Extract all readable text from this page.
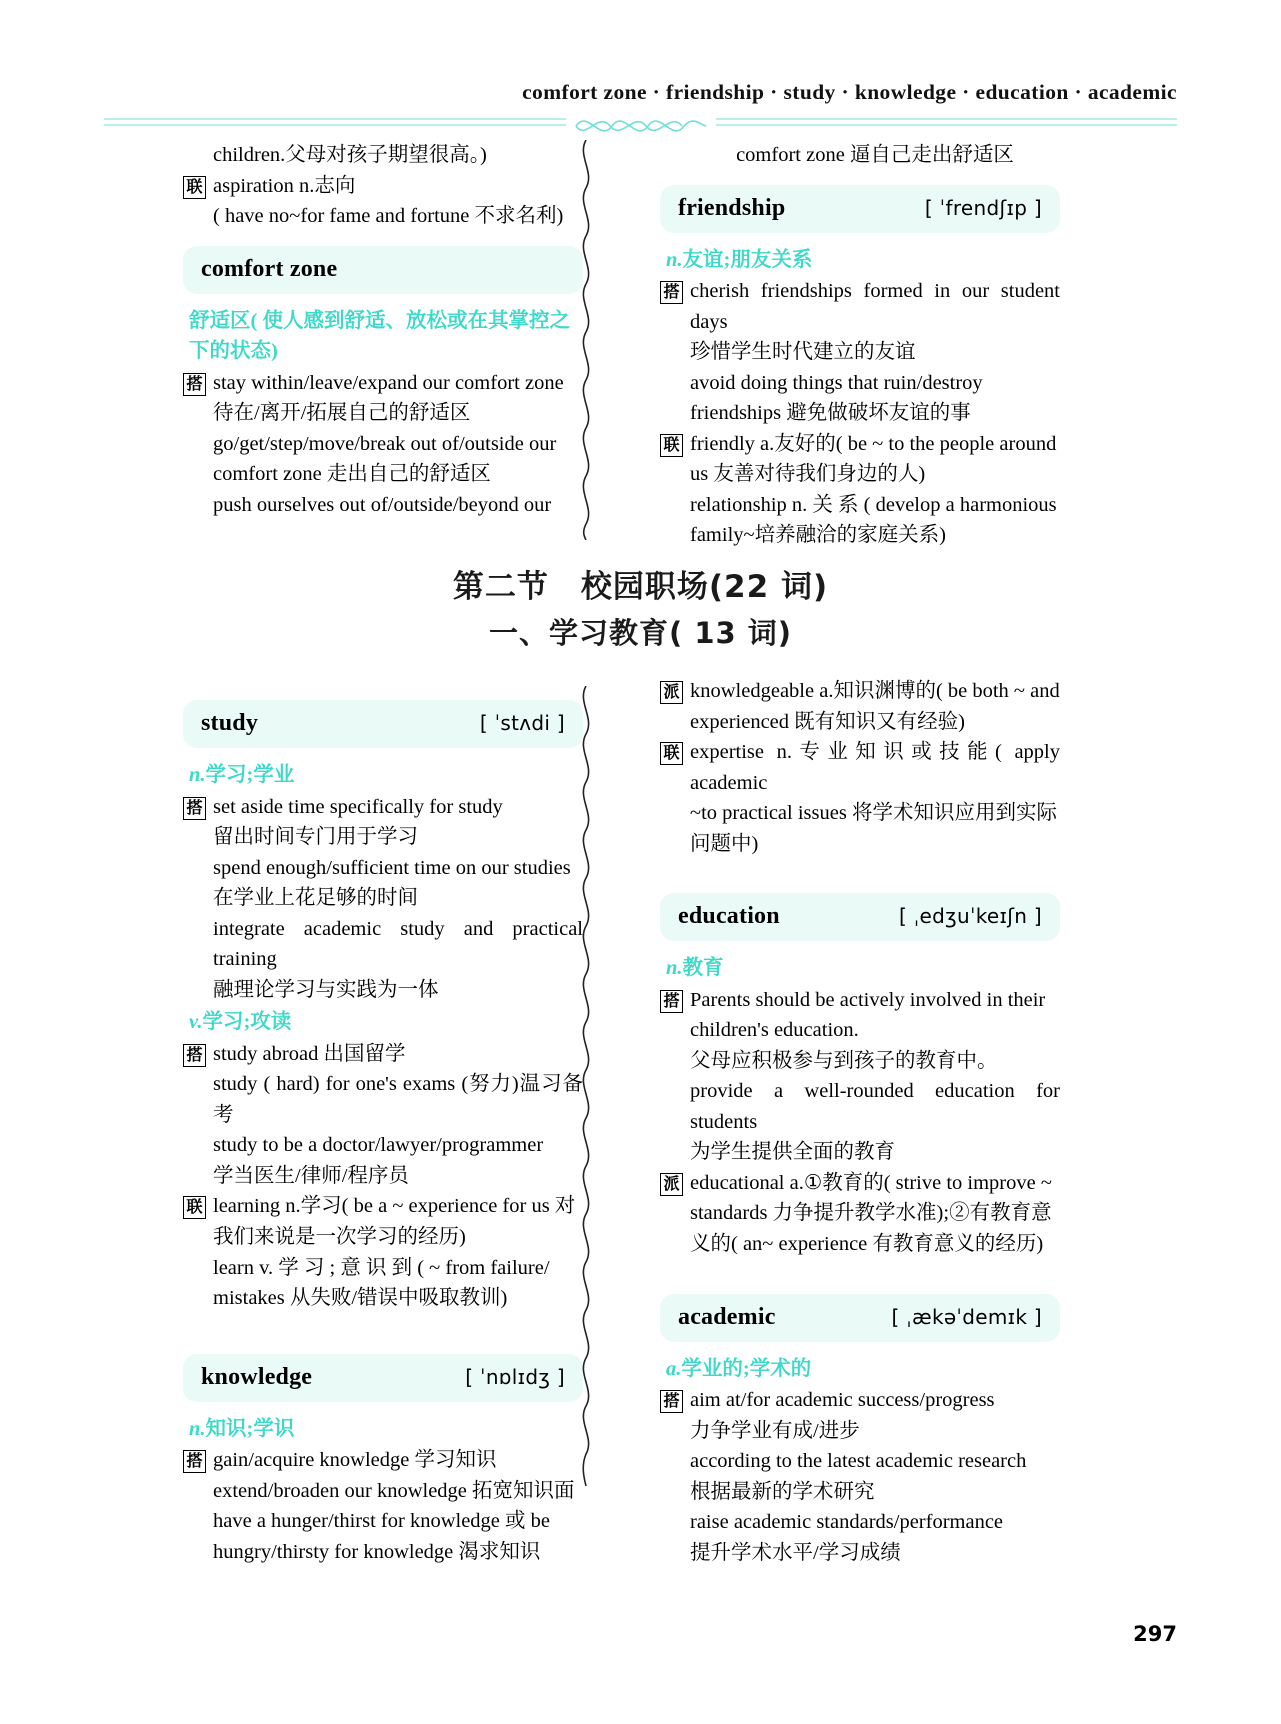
comfort zone · friendship · study · knowledge · education · academic
children.父母对孩子期望很高。)
联 aspiration n.志向
( have no~for fame and fortune 不求名利)
comfort zone
舒适区( 使人感到舒适、放松或在其掌控之下的状态)
搭 stay within/leave/expand our comfort zone
待在/离开/拓展自己的舒适区
go/get/step/move/break out of/outside our
comfort zone 走出自己的舒适区
push ourselves out of/outside/beyond our
comfort zone 逼自己走出舒适区
friendship	[ ˈfrendʃɪp ]
n.友谊;朋友关系
搭 cherish friendships formed in our student days
珍惜学生时代建立的友谊
avoid doing things that ruin/destroy
friendships 避免做破坏友谊的事
联 friendly a.友好的( be ~ to the people around
us 友善对待我们身边的人)
relationship n. 关 系 ( develop a harmonious
family~培养融洽的家庭关系)
第二节　校园职场(22 词)
一、学习教育( 13 词)
study	[ ˈstʌdi ]
n.学习;学业
搭 set aside time specifically for study
留出时间专门用于学习
spend enough/sufficient time on our studies
在学业上花足够的时间
integrate academic study and practical training
融理论学习与实践为一体
v.学习;攻读
搭 study abroad 出国留学
study ( hard) for one's exams (努力)温习备考
study to be a doctor/lawyer/programmer
学当医生/律师/程序员
联 learning n.学习( be a ~ experience for us 对
我们来说是一次学习的经历)
learn v. 学 习 ; 意 识 到 ( ~ from failure/
mistakes 从失败/错误中吸取教训)
knowledge	[ ˈnɒlɪdʒ ]
n.知识;学识
搭 gain/acquire knowledge 学习知识
extend/broaden our knowledge 拓宽知识面
have a hunger/thirst for knowledge 或 be
hungry/thirsty for knowledge 渴求知识
派 knowledgeable a.知识渊博的( be both ~ and
experienced 既有知识又有经验)
联 expertise n.专业知识或技能( apply academic
~to practical issues 将学术知识应用到实际
问题中)
education	[ ˌedʒuˈkeɪʃn ]
n.教育
搭 Parents should be actively involved in their
children's education.
父母应积极参与到孩子的教育中。
provide a well-rounded education for students
为学生提供全面的教育
派 educational a.①教育的( strive to improve ~
standards 力争提升教学水准);②有教育意
义的( an~ experience 有教育意义的经历)
academic	[ ˌækəˈdemɪk ]
a.学业的;学术的
搭 aim at/for academic success/progress
力争学业有成/进步
according to the latest academic research
根据最新的学术研究
raise academic standards/performance
提升学术水平/学习成绩
297
